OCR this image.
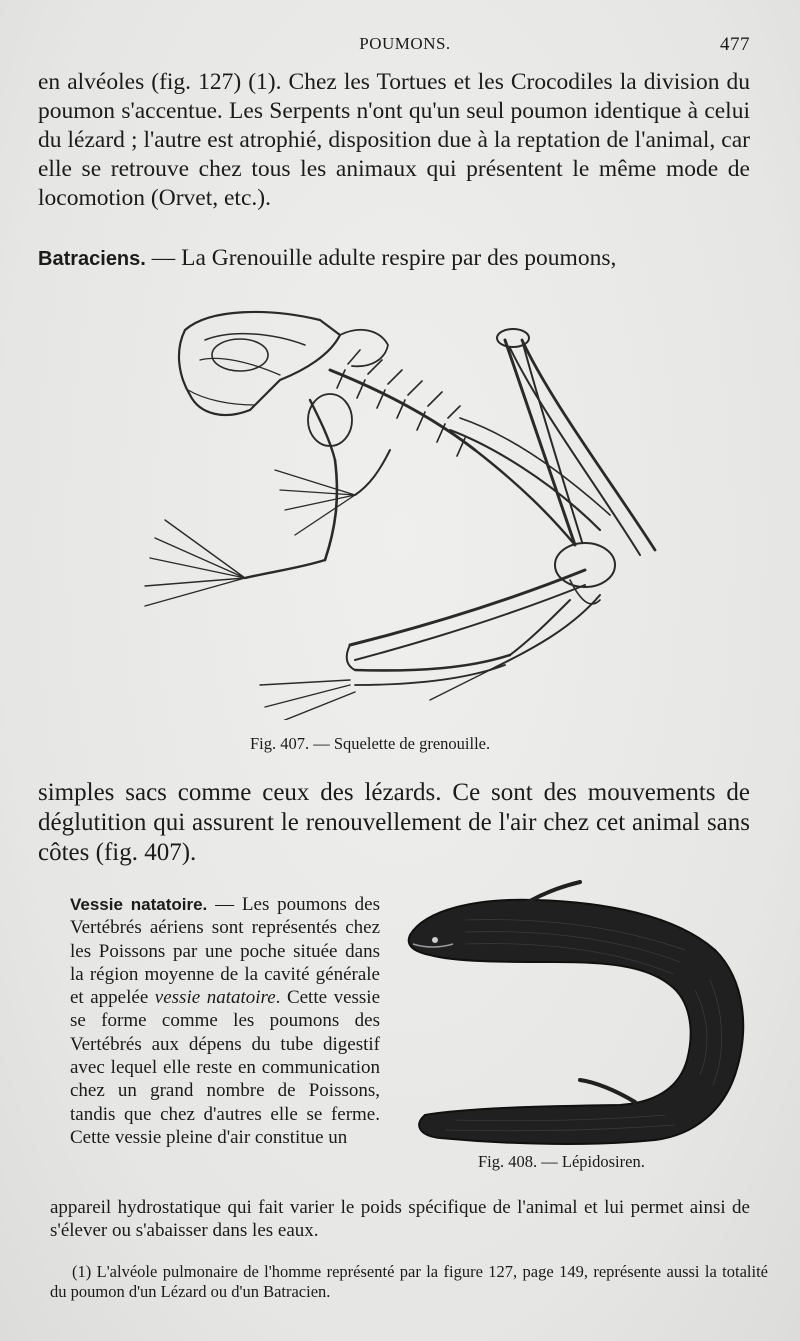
POUMONS.	477
en alvéoles (fig. 127) (1). Chez les Tortues et les Crocodiles la division du poumon s'accentue. Les Serpents n'ont qu'un seul poumon identique à celui du lézard ; l'autre est atrophié, disposition due à la reptation de l'animal, car elle se retrouve chez tous les animaux qui présentent le même mode de locomotion (Orvet, etc.).
Batraciens. — La Grenouille adulte respire par des poumons,
Fig. 407. — Squelette de grenouille.
simples sacs comme ceux des lézards. Ce sont des mouvements de déglutition qui assurent le renouvellement de l'air chez cet animal sans côtes (fig. 407).
Vessie natatoire. — Les poumons des Vertébrés aériens sont représentés chez les Poissons par une poche située dans la région moyenne de la cavité générale et appelée vessie natatoire. Cette vessie se forme comme les poumons des Vertébrés aux dépens du tube digestif avec lequel elle reste en communication chez un grand nombre de Poissons, tandis que chez d'autres elle se ferme. Cette vessie pleine d'air constitue un
Fig. 408. — Lépidosiren.
appareil hydrostatique qui fait varier le poids spécifique de l'animal et lui permet ainsi de s'élever ou s'abaisser dans les eaux.
(1) L'alvéole pulmonaire de l'homme représenté par la figure 127, page 149, représente aussi la totalité du poumon d'un Lézard ou d'un Batracien.
